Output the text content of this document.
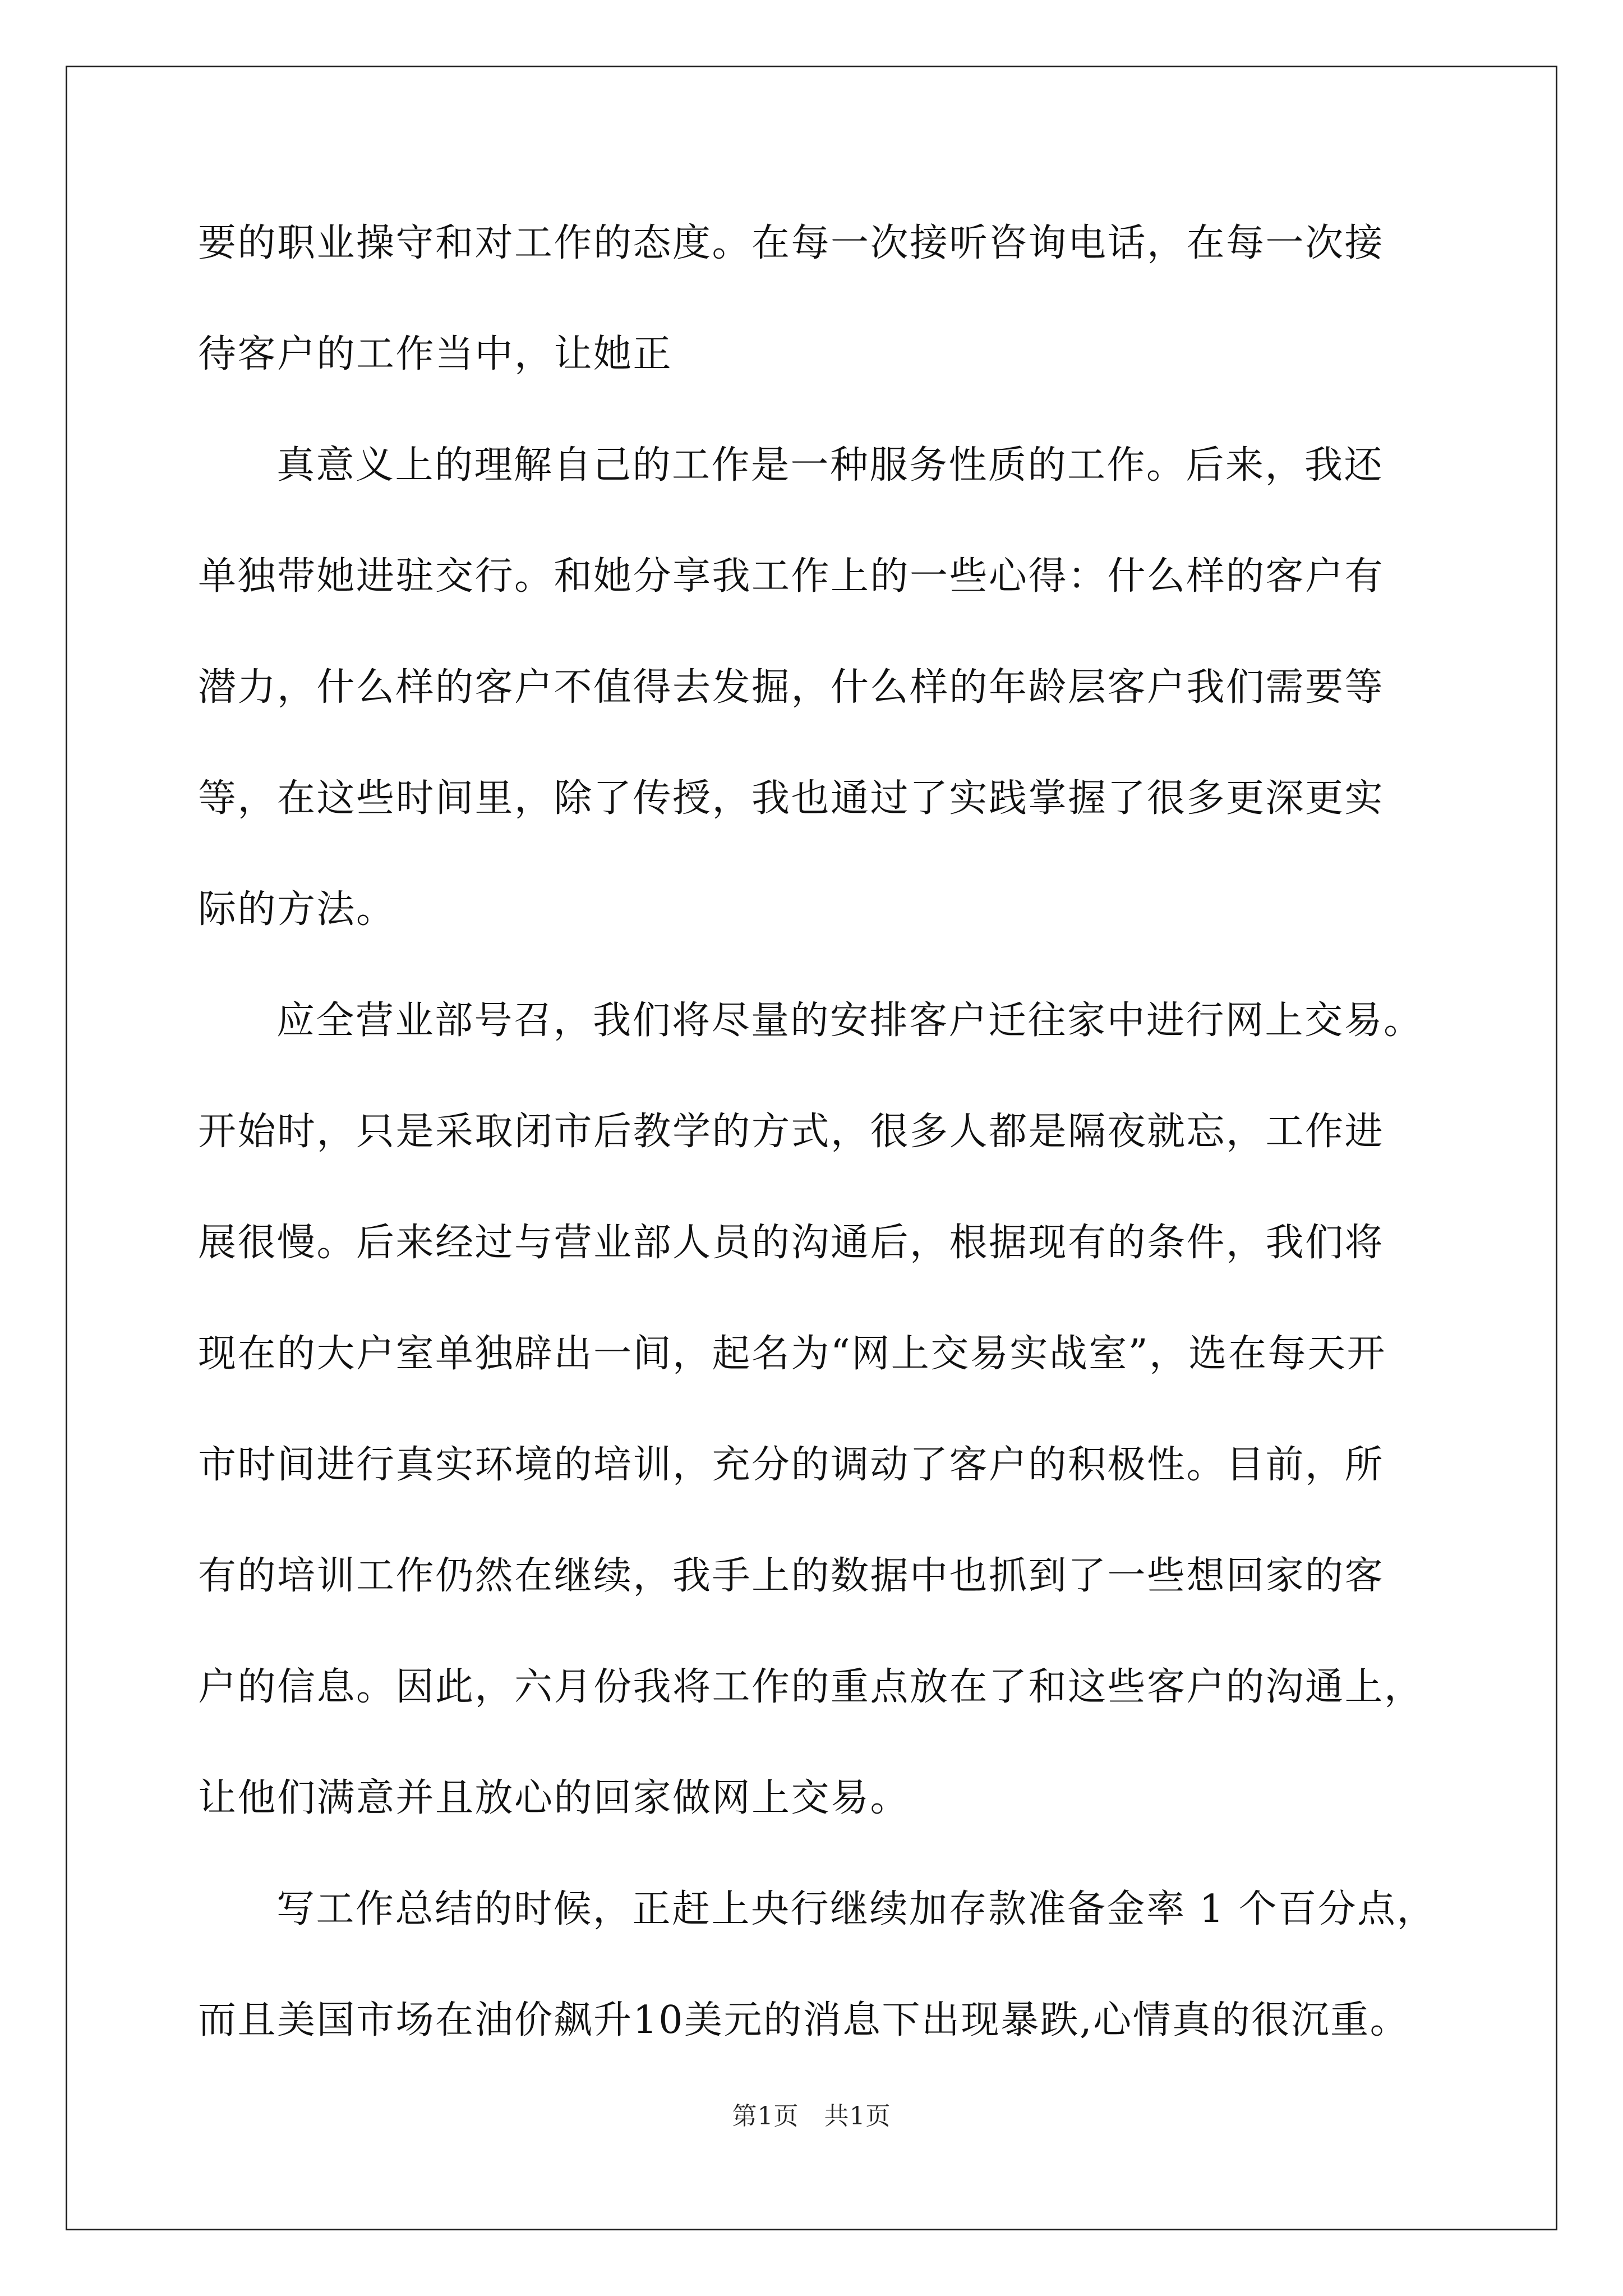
要的职业操守和对工作的态度。在每一次接听咨询电话，在每一次接
待客户的工作当中，让她正
真意义上的理解自己的工作是一种服务性质的工作。后来，我还
单独带她进驻交行。和她分享我工作上的一些心得：什么样的客户有
潜力，什么样的客户不值得去发掘，什么样的年龄层客户我们需要等
等，在这些时间里，除了传授，我也通过了实践掌握了很多更深更实
际的方法。
应全营业部号召，我们将尽量的安排客户迁往家中进行网上交易。
开始时，只是采取闭市后教学的方式，很多人都是隔夜就忘，工作进
展很慢。后来经过与营业部人员的沟通后，根据现有的条件，我们将
现在的大户室单独辟出一间，起名为“网上交易实战室”，选在每天开
市时间进行真实环境的培训，充分的调动了客户的积极性。目前，所
有的培训工作仍然在继续，我手上的数据中也抓到了一些想回家的客
户的信息。因此，六月份我将工作的重点放在了和这些客户的沟通上，
让他们满意并且放心的回家做网上交易。
写工作总结的时候，正赶上央行继续加存款准备金率 1 个百分点，
而且美国市场在油价飙升10美元的消息下出现暴跌,心情真的很沉重。
第1页　共1页
